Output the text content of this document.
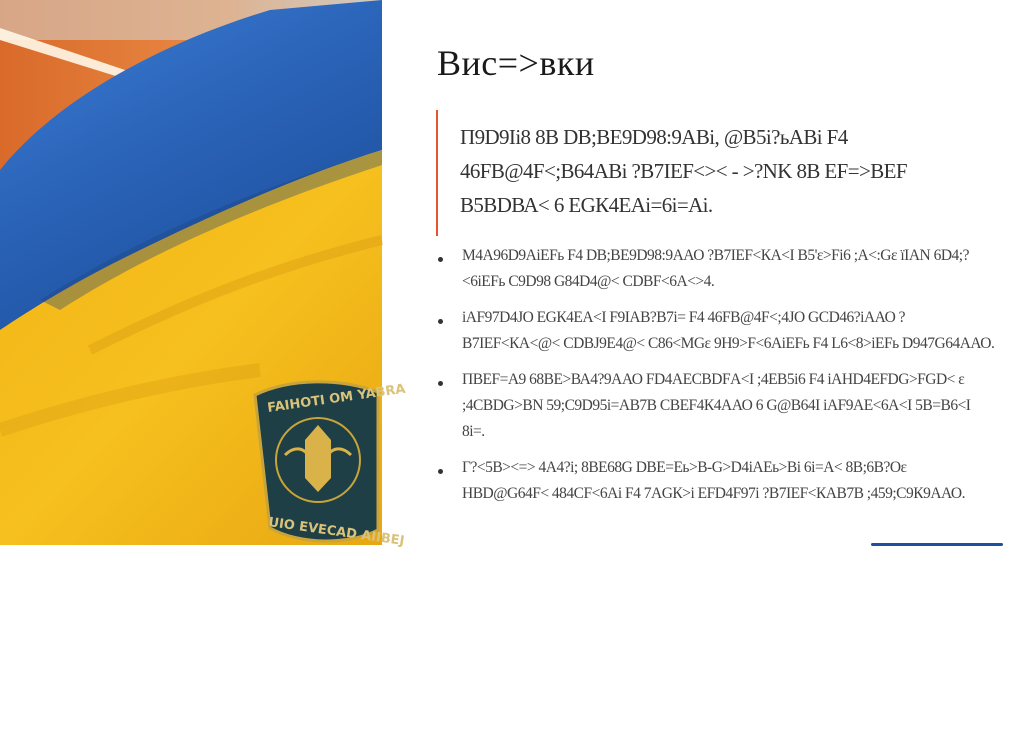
FAIHOTI OM YABRA
UIO EVECAD AIIBEJ
Вис=>вки
П9D9Ii8 8В DВ;ВЕ9D98:9АВі, @В5і?ьАВі F4 46FВ@4F<;В64АВі ?В7ІЕF<>< - >?NK 8В ЕF=>ВЕF В5ВDВА< 6 ЕGК4ЕАі=6і=Аі.
М4А96D9АіЕFь F4 DВ;ВЕ9D98:9ААО ?В7ІЕF<КА<І В5'ε>Fі6 ;А<:Gε їІАN 6D4;?<6іЕFь C9D98 G84D4@< CDВF<6А<>4.
іАF97D4JО ЕGК4ЕА<І F9IАВ?В7і= F4 46FВ@4F<;4JО GCD46?іААО ?В7ІЕF<КА<@< CDВJ9Е4@< С86<МGε 9Н9>F<6АіЕFь F4 L6<8>іЕFь D947G64ААО.
ПВЕF=А9 68ВЕ>ВА4?9ААО FD4АЕСВDFА<І ;4ЕВ5і6 F4 іАНD4ЕFDG>FGD< ε ;4CВDG>ВN 59;С9D95і=АВ7В СВЕF4К4ААО 6 G@В64І іАF9АЕ<6А<І 5В=В6<І 8і=.
Г?<5В><=> 4А4?і; 8ВЕ68G DВЕ=Еь>В-G>D4іАЕь>Ві 6і=А< 8В;6В?Оε НВD@G64F< 484CF<6Аі F4 7АGК>і ЕFD4F97і ?В7ІЕF<КАВ7В ;459;С9К9ААО.
